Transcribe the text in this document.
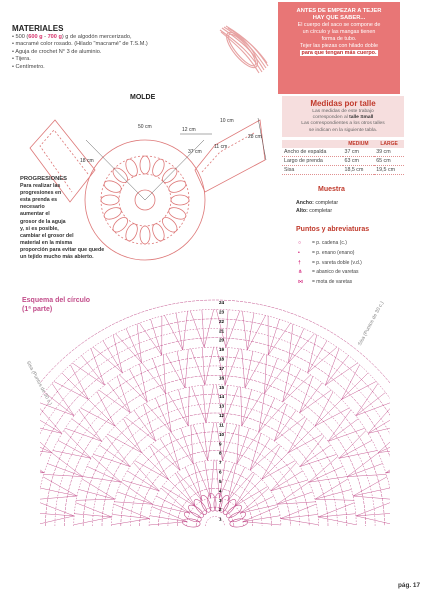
MATERIALES
• 500 (600 g - 700 g) g de algodón mercerizado,
• macramé color rosado. (Hilado "macramé" de T.S.M.)
• Aguja de crochet N° 3 de aluminio.
• Tijera.
• Centímetro.
ANTES DE EMPEZAR A TEJER
HAY QUE SABER...
El cuerpo del saco se compone de
un círculo y las mangas tienen
forma de tubo.
Tejer las piezas con hilado doble
para que tengan más cuerpo.
MOLDE
50 cm	12 cm
10 cm
37 cm
11 cm
28 cm
18 cm
PROGRESIONES
Para realizar las
progresiones en
esta prenda es
necesario
aumentar el
grosor de la aguja
y, si es posible,
cambiar el grosor del
material en la misma
proporción para evitar que quede
un tejido mucho más abierto.
Medidas por talle
Las medidas de este trabajo
corresponden al talle Small
Las correspondientes a los otros talles
se indican en la siguiente tabla.
	MEDIUM	LARGE
Ancho de espalda	37 cm	39 cm
Largo de prenda	63 cm	65 cm
Sisa	18,5 cm	19,5 cm
Muestra
Ancho: completar
Alto: completar
Puntos y abreviaturas
○ = p. cadena (c.)
• = p. enano (enano)
† = p. vareta doble (v.d.)
⋔ = abanico de varetas
⋈ = mota de varetas
Esquema del círculo
(1ª parte)
24
23
22
21
20
19
18
17
16
15
14
13
12
11
10
9
8
7
6
5
4
3
2
1
Sisa (Puntos de 30 c.)
Sisa (Puntos de 30 c.)
pág. 17
